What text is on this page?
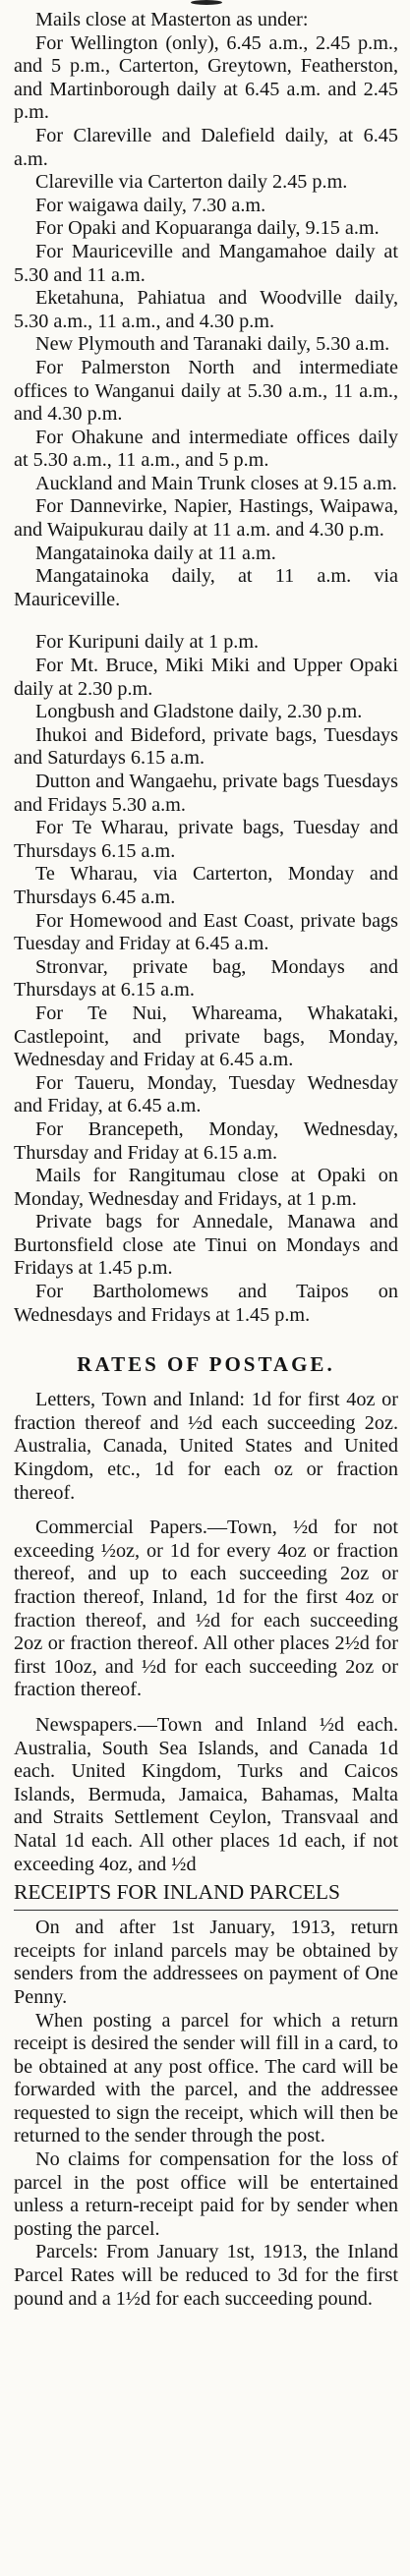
Mails close at Masterton as under:

For Wellington (only), 6.45 a.m., 2.45 p.m., and 5 p.m., Carterton, Greytown, Featherston, and Martinborough daily at 6.45 a.m. and 2.45 p.m.

For Clareville and Dalefield daily, at 6.45 a.m.

Clareville via Carterton daily 2.45 p.m.

For waigawa daily, 7.30 a.m.

For Opaki and Kopuaranga daily, 9.15 a.m.

For Mauriceville and Mangamahoe daily at 5.30 and 11 a.m.

Eketahuna, Pahiatua and Woodville daily, 5.30 a.m., 11 a.m., and 4.30 p.m.

New Plymouth and Taranaki daily, 5.30 a.m.

For Palmerston North and intermediate offices to Wanganui daily at 5.30 a.m., 11 a.m., and 4.30 p.m.

For Ohakune and intermediate offices daily at 5.30 a.m., 11 a.m., and 5 p.m.

Auckland and Main Trunk closes at 9.15 a.m.

For Dannevirke, Napier, Hastings, Waipawa, and Waipukurau daily at 11 a.m. and 4.30 p.m.

Mangatainoka daily at 11 a.m.

Mangatainoka daily, at 11 a.m. via Mauriceville.

For Kuripuni daily at 1 p.m.

For Mt. Bruce, Miki Miki and Upper Opaki daily at 2.30 p.m.

Longbush and Gladstone daily, 2.30 p.m.

Ihukoi and Bideford, private bags, Tuesdays and Saturdays 6.15 a.m.

Dutton and Wangaehu, private bags Tuesdays and Fridays 5.30 a.m.

For Te Wharau, private bags, Tuesday and Thursdays 6.15 a.m.

Te Wharau, via Carterton, Monday and Thursdays 6.45 a.m.

For Homewood and East Coast, private bags Tuesday and Friday at 6.45 a.m.

Stronvar, private bag, Mondays and Thursdays at 6.15 a.m.

For Te Nui, Whareama, Whakataki, Castlepoint, and private bags, Monday, Wednesday and Friday at 6.45 a.m.

For Taueru, Monday, Tuesday Wednesday and Friday, at 6.45 a.m.

For Brancepeth, Monday, Wednesday, Thursday and Friday at 6.15 a.m.

Mails for Rangitumau close at Opaki on Monday, Wednesday and Fridays, at 1 p.m.

Private bags for Annedale, Manawa and Burtonsfield close ate Tinui on Mondays and Fridays at 1.45 p.m.

For Bartholomews and Taipos on Wednesdays and Fridays at 1.45 p.m.

RATES OF POSTAGE.

Letters, Town and Inland: 1d for first 4oz or fraction thereof and ½d each succeeding 2oz. Australia, Canada, United States and United Kingdom, etc., 1d for each oz or fraction thereof.

Commercial Papers.—Town, ½d for not exceeding ½oz, or 1d for every 4oz or fraction thereof, and up to each succeeding 2oz or fraction thereof, Inland, 1d for the first 4oz or fraction thereof, and ½d for each succeeding 2oz or fraction thereof. All other places 2½d for first 10oz, and ½d for each succeeding 2oz or fraction thereof.

Newspapers.—Town and Inland ½d each. Australia, South Sea Islands, and Canada 1d each. United Kingdom, Turks and Caicos Islands, Bermuda, Jamaica, Bahamas, Malta and Straits Settlement Ceylon, Transvaal and Natal 1d each. All other places 1d each, if not exceeding 4oz, and ½d

RECEIPTS FOR INLAND PARCELS

On and after 1st January, 1913, return receipts for inland parcels may be obtained by senders from the addressees on payment of One Penny.

When posting a parcel for which a return receipt is desired the sender will fill in a card, to be obtained at any post office. The card will be forwarded with the parcel, and the addressee requested to sign the receipt, which will then be returned to the sender through the post.

No claims for compensation for the loss of parcel in the post office will be entertained unless a return-receipt paid for by sender when posting the parcel.

Parcels: From January 1st, 1913, the Inland Parcel Rates will be reduced to 3d for the first pound and a 1½d for each succeeding pound.
